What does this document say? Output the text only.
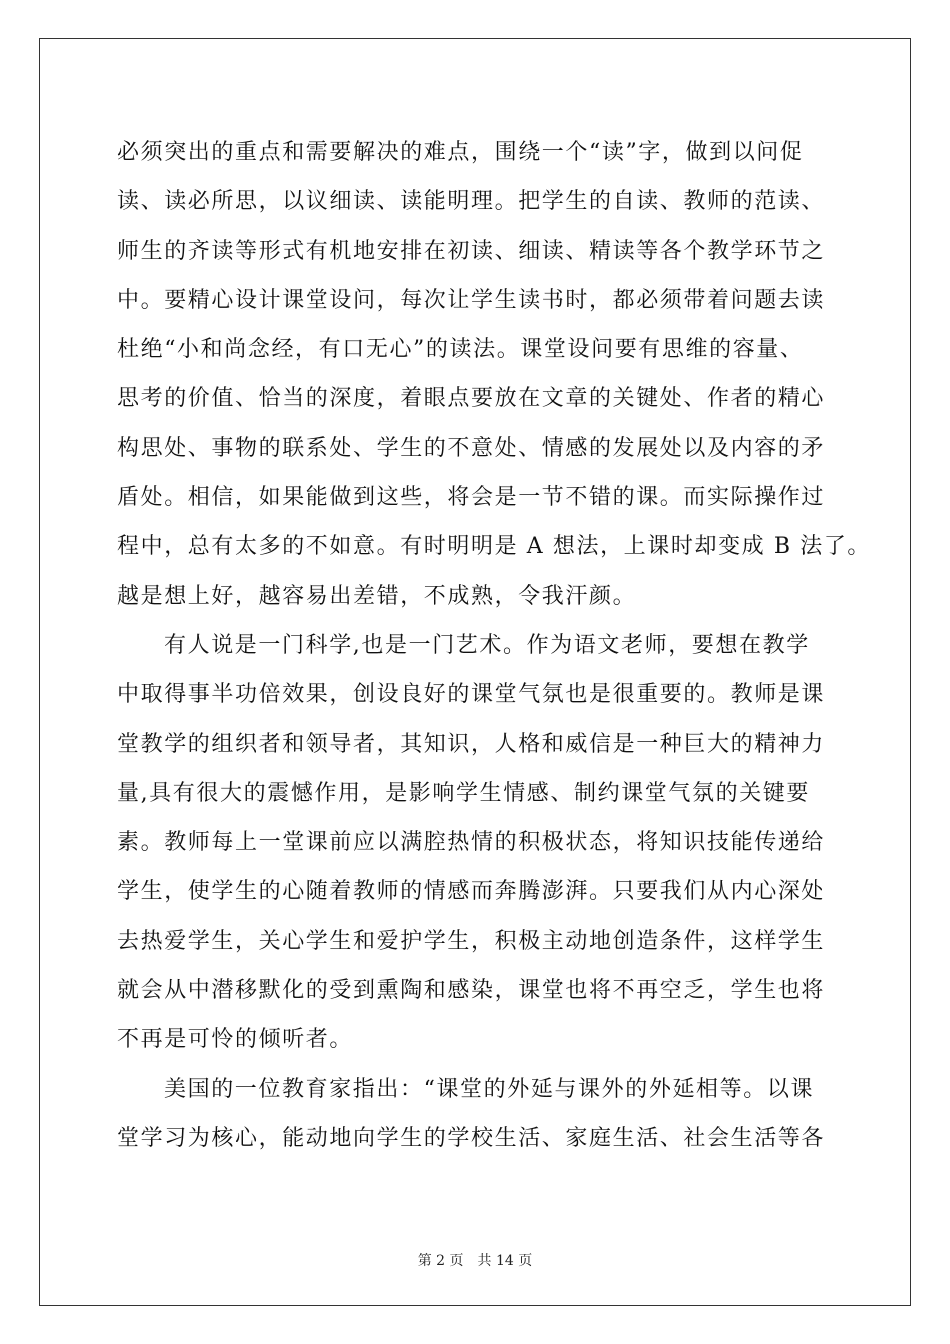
必须突出的重点和需要解决的难点，围绕一个“读”字，做到以问促
读、读必所思，以议细读、读能明理。把学生的自读、教师的范读、
师生的齐读等形式有机地安排在初读、细读、精读等各个教学环节之
中。要精心设计课堂设问，每次让学生读书时，都必须带着问题去读
杜绝“小和尚念经，有口无心”的读法。课堂设问要有思维的容量、
思考的价值、恰当的深度，着眼点要放在文章的关键处、作者的精心
构思处、事物的联系处、学生的不意处、情感的发展处以及内容的矛
盾处。相信，如果能做到这些，将会是一节不错的课。而实际操作过
程中，总有太多的不如意。有时明明是 A 想法，上课时却变成 B 法了。
越是想上好，越容易出差错，不成熟，令我汗颜。
有人说是一门科学,也是一门艺术。作为语文老师，要想在教学
中取得事半功倍效果，创设良好的课堂气氛也是很重要的。教师是课
堂教学的组织者和领导者，其知识，人格和威信是一种巨大的精神力
量,具有很大的震憾作用，是影响学生情感、制约课堂气氛的关键要
素。教师每上一堂课前应以满腔热情的积极状态，将知识技能传递给
学生，使学生的心随着教师的情感而奔腾澎湃。只要我们从内心深处
去热爱学生，关心学生和爱护学生，积极主动地创造条件，这样学生
就会从中潜移默化的受到熏陶和感染，课堂也将不再空乏，学生也将
不再是可怜的倾听者。
美国的一位教育家指出：“课堂的外延与课外的外延相等。以课
堂学习为核心，能动地向学生的学校生活、家庭生活、社会生活等各
第 2 页 共 14 页
